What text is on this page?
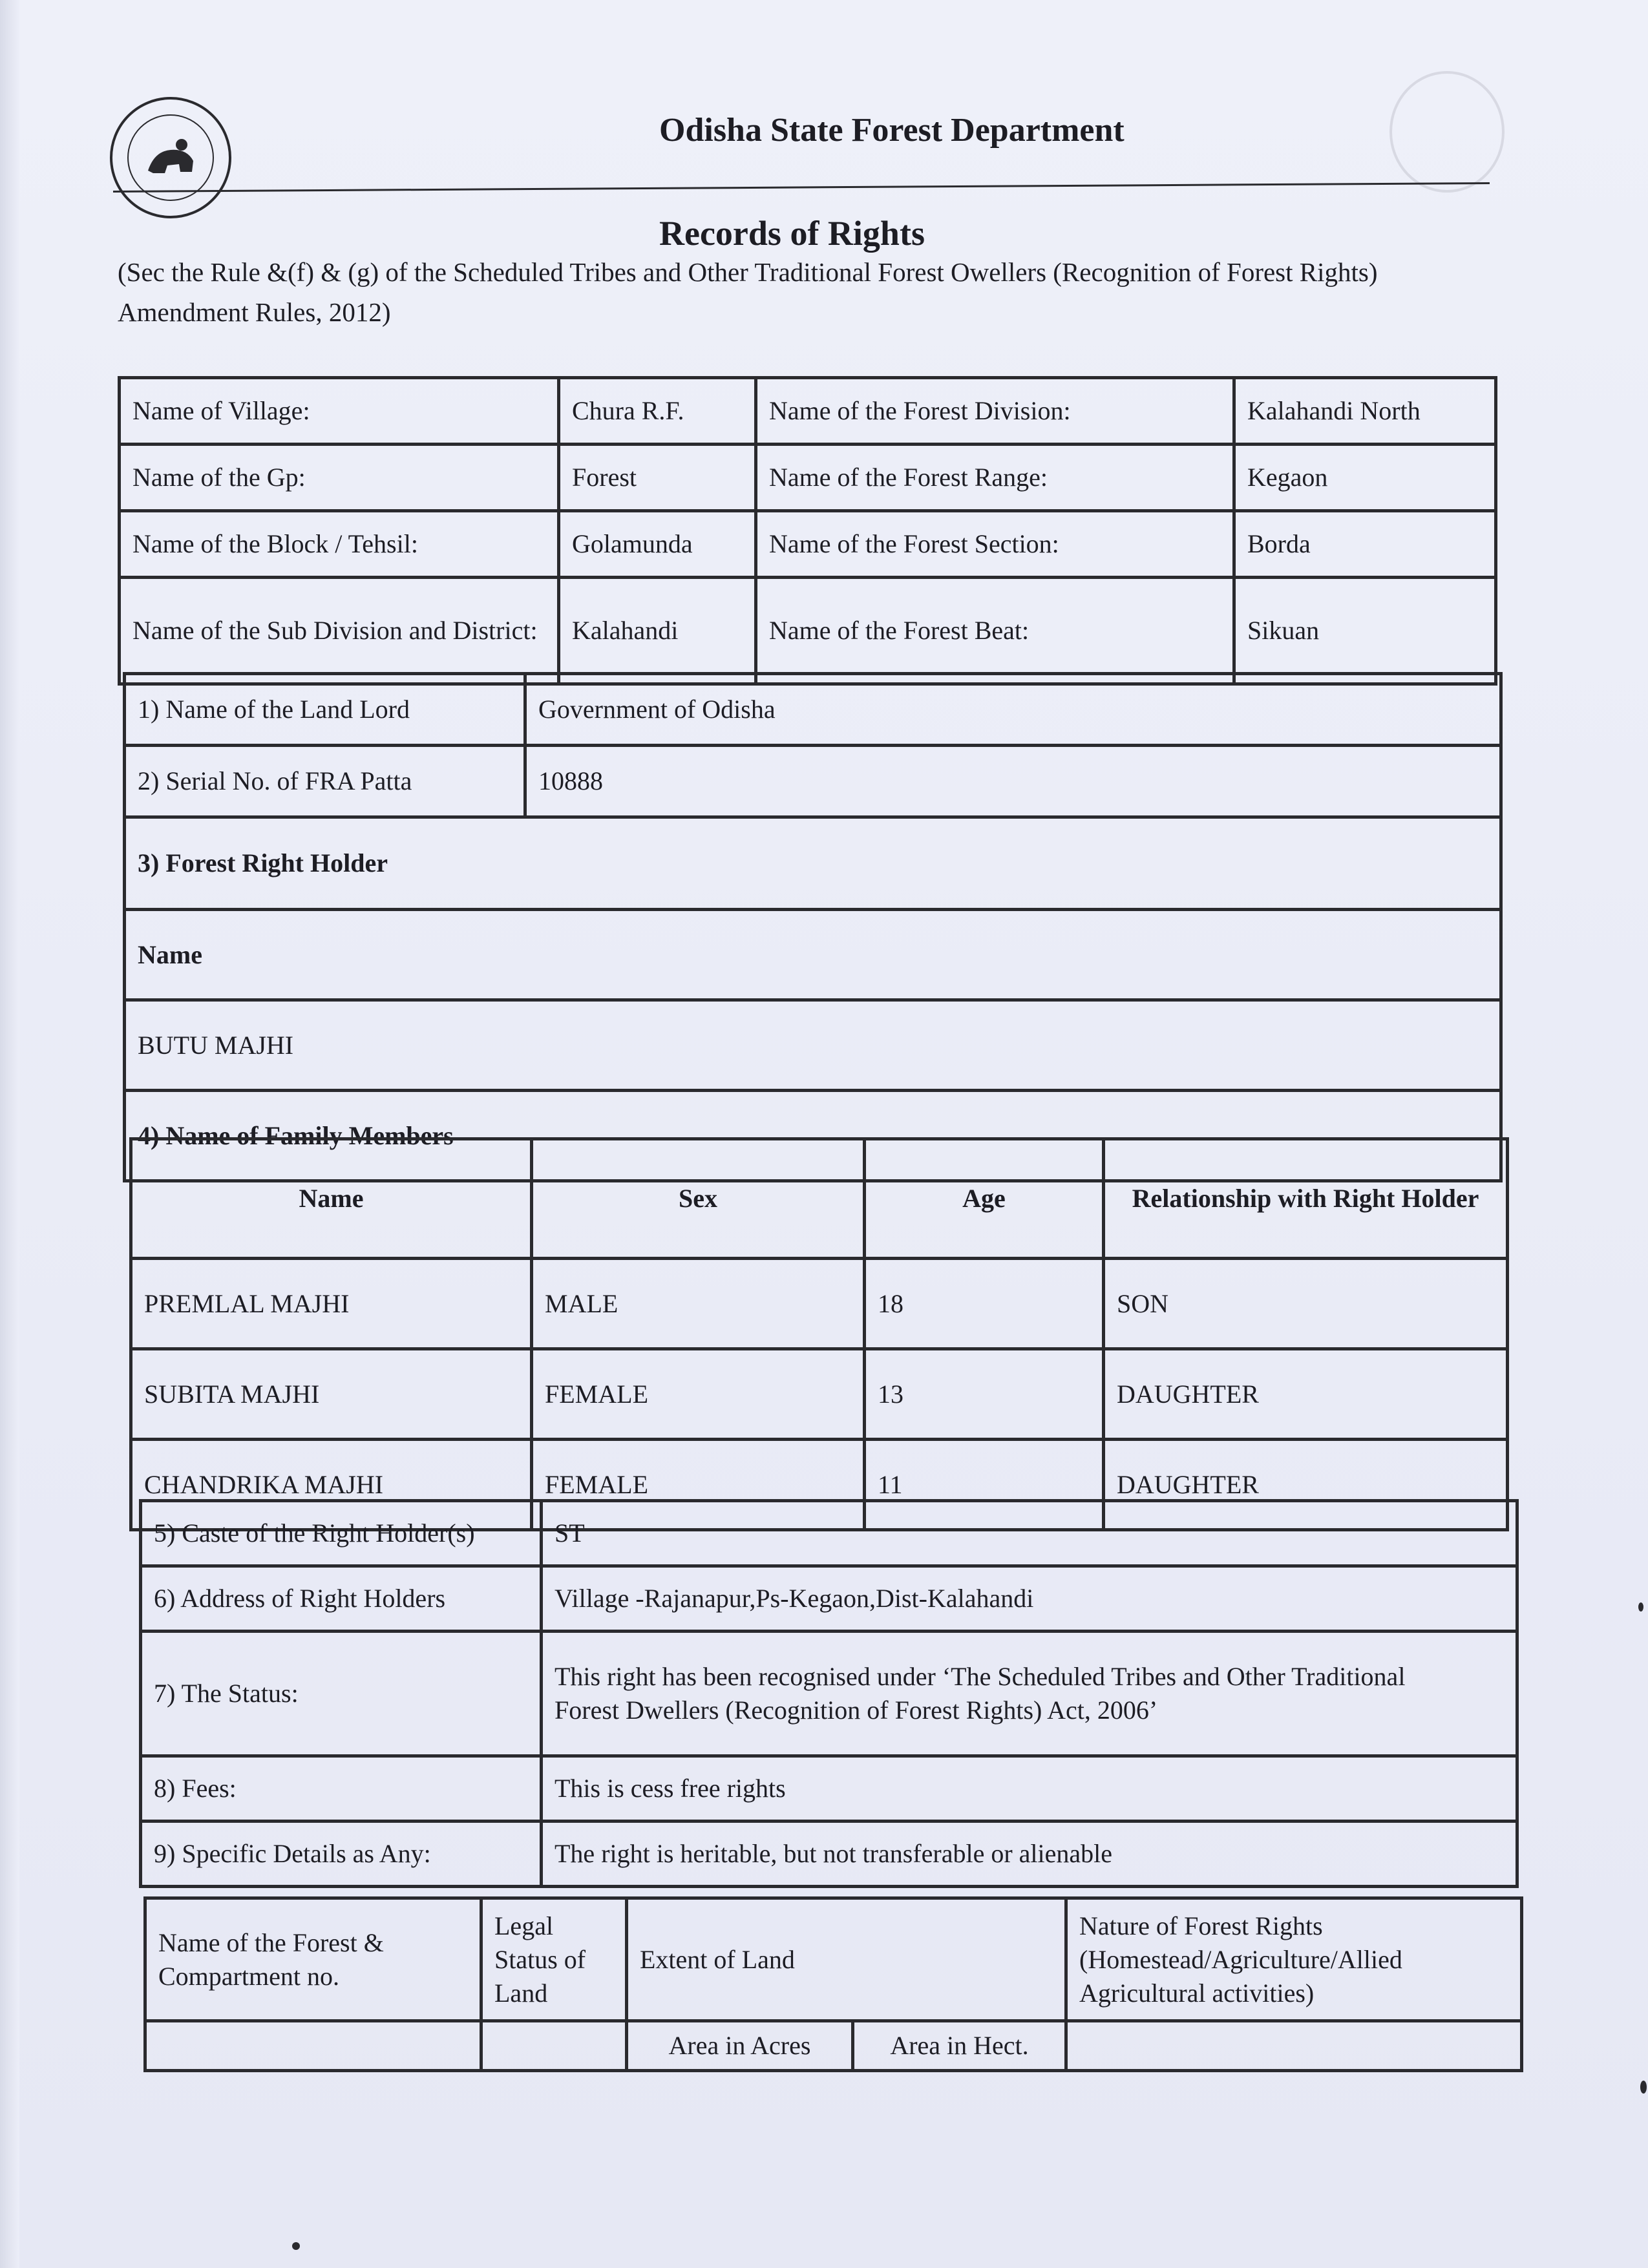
Odisha State Forest Department
Records of Rights
(Sec the Rule &(f) & (g) of the Scheduled Tribes and Other Traditional Forest Owellers (Recognition of Forest Rights) Amendment Rules, 2012)
Name of Village:	Chura R.F.	Name of the Forest Division:	Kalahandi North
Name of the Gp:	Forest	Name of the Forest Range:	Kegaon
Name of the Block / Tehsil:	Golamunda	Name of the Forest Section:	Borda
Name of the Sub Division and District:	Kalahandi	Name of the Forest Beat:	Sikuan
1) Name of the Land Lord	Government of Odisha
2) Serial No. of FRA Patta	10888
3) Forest Right Holder	
Name	
BUTU MAJHI	
4) Name of Family Members	
Name	Sex	Age	Relationship with Right Holder
PREMLAL MAJHI	MALE	18	SON
SUBITA MAJHI	FEMALE	13	DAUGHTER
CHANDRIKA MAJHI	FEMALE	11	DAUGHTER
5) Caste of the Right Holder(s)	ST
6) Address of Right Holders	Village -Rajanapur,Ps-Kegaon,Dist-Kalahandi
7) The Status:	This right has been recognised under ‘The Scheduled Tribes and Other Traditional
Forest Dwellers (Recognition of Forest Rights) Act, 2006’

8) Fees:	This is cess free rights
9) Specific Details as Any:	The right is heritable, but not transferable or alienable
Name of the Forest & Compartment no.	Legal Status of Land	Extent of Land		Nature of Forest Rights (Homestead/Agriculture/Allied Agricultural activities)
		Area in Acres	Area in Hect.	
